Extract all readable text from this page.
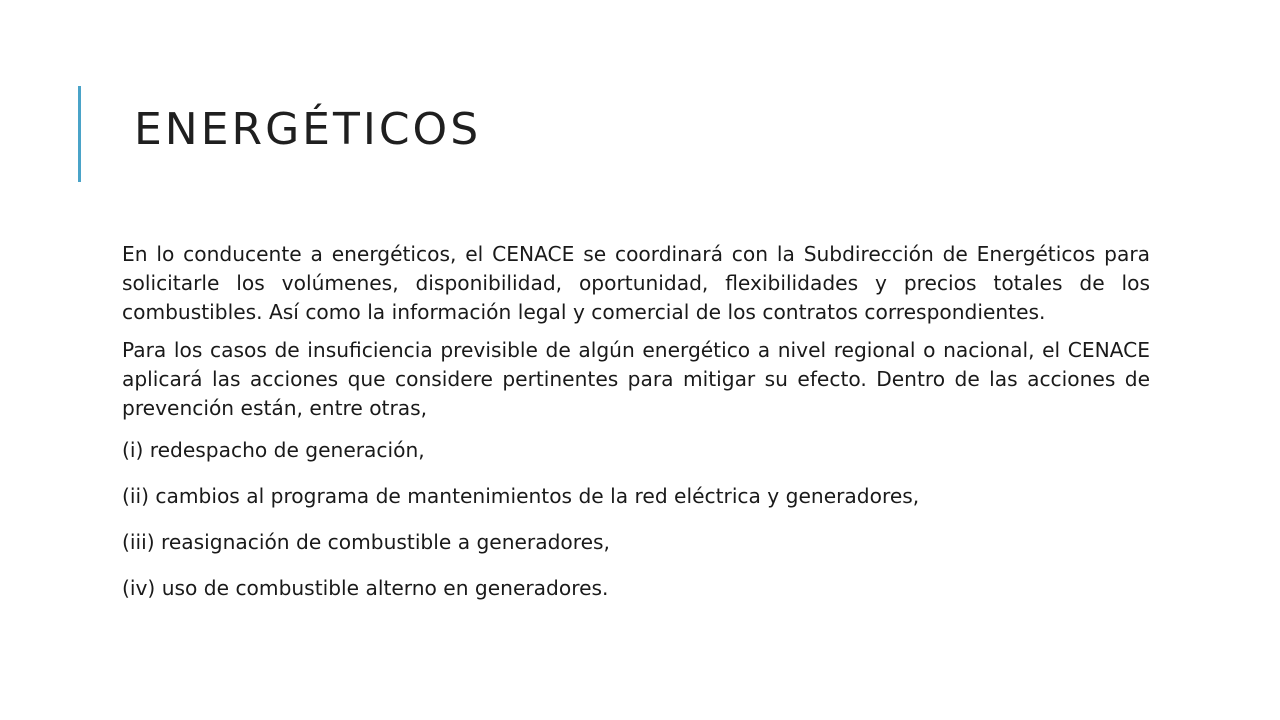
ENERGÉTICOS

En lo conducente a energéticos, el CENACE se coordinará con la Subdirección de Energéticos para solicitarle los volúmenes, disponibilidad, oportunidad, flexibilidades y precios totales de los combustibles. Así como la información legal y comercial de los contratos correspondientes.

Para los casos de insuficiencia previsible de algún energético a nivel regional o nacional, el CENACE aplicará las acciones que considere pertinentes para mitigar su efecto. Dentro de las acciones de prevención están, entre otras,

(i) redespacho de generación,

(ii) cambios al programa de mantenimientos de la red eléctrica y generadores,

(iii) reasignación de combustible a generadores,

(iv) uso de combustible alterno en generadores.
